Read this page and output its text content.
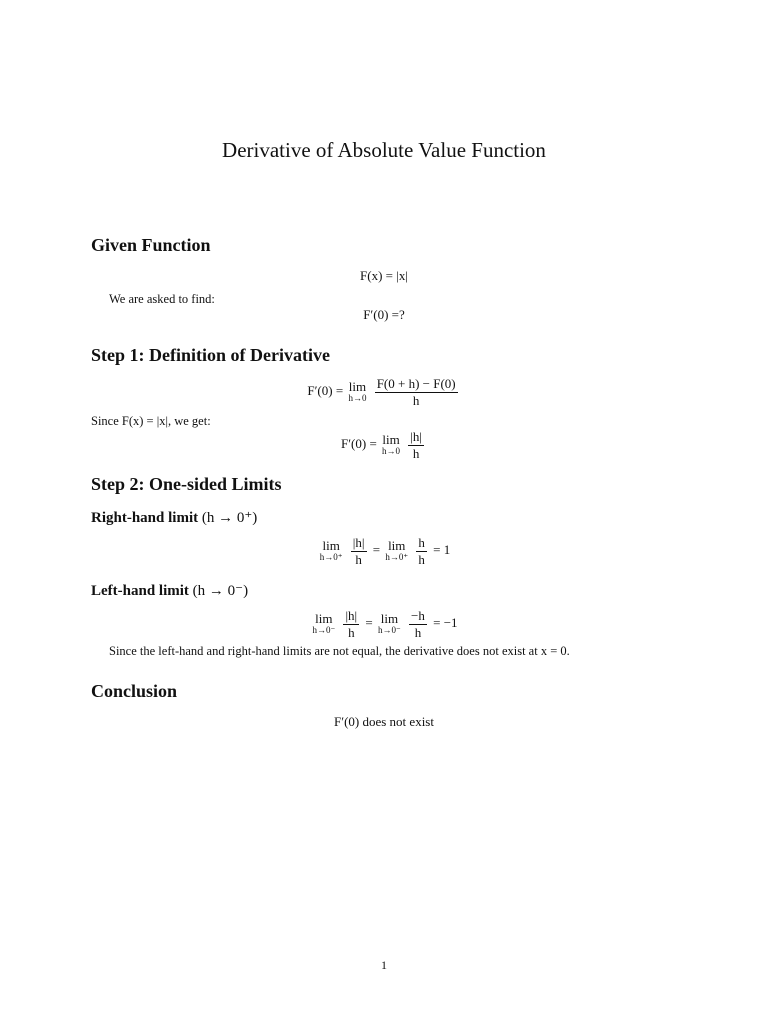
Derivative of Absolute Value Function
Given Function
F(x) = |x|
We are asked to find:
F′(0) =?
Step 1: Definition of Derivative
F′(0) = lim
h→0
$\frac{F(0 + h) - F(0)}{h}$
Since F(x) = |x|, we get:
F′(0) = lim
h→0
$\frac{|h|}{h}$
Step 2: One-sided Limits
Right-hand limit (h → 0⁺)
lim
h→0⁺
$\frac{|h|}{h} = \lim$
h→0⁺
$\frac{h}{h} = 1$
Left-hand limit (h → 0⁻)
lim
h→0⁻
$\frac{|h|}{h} = \lim$
h→0⁻
$\frac{-h}{h} = -1$
Since the left-hand and right-hand limits are not equal, the derivative does not exist at x = 0.
Conclusion
F′(0) does not exist
1
